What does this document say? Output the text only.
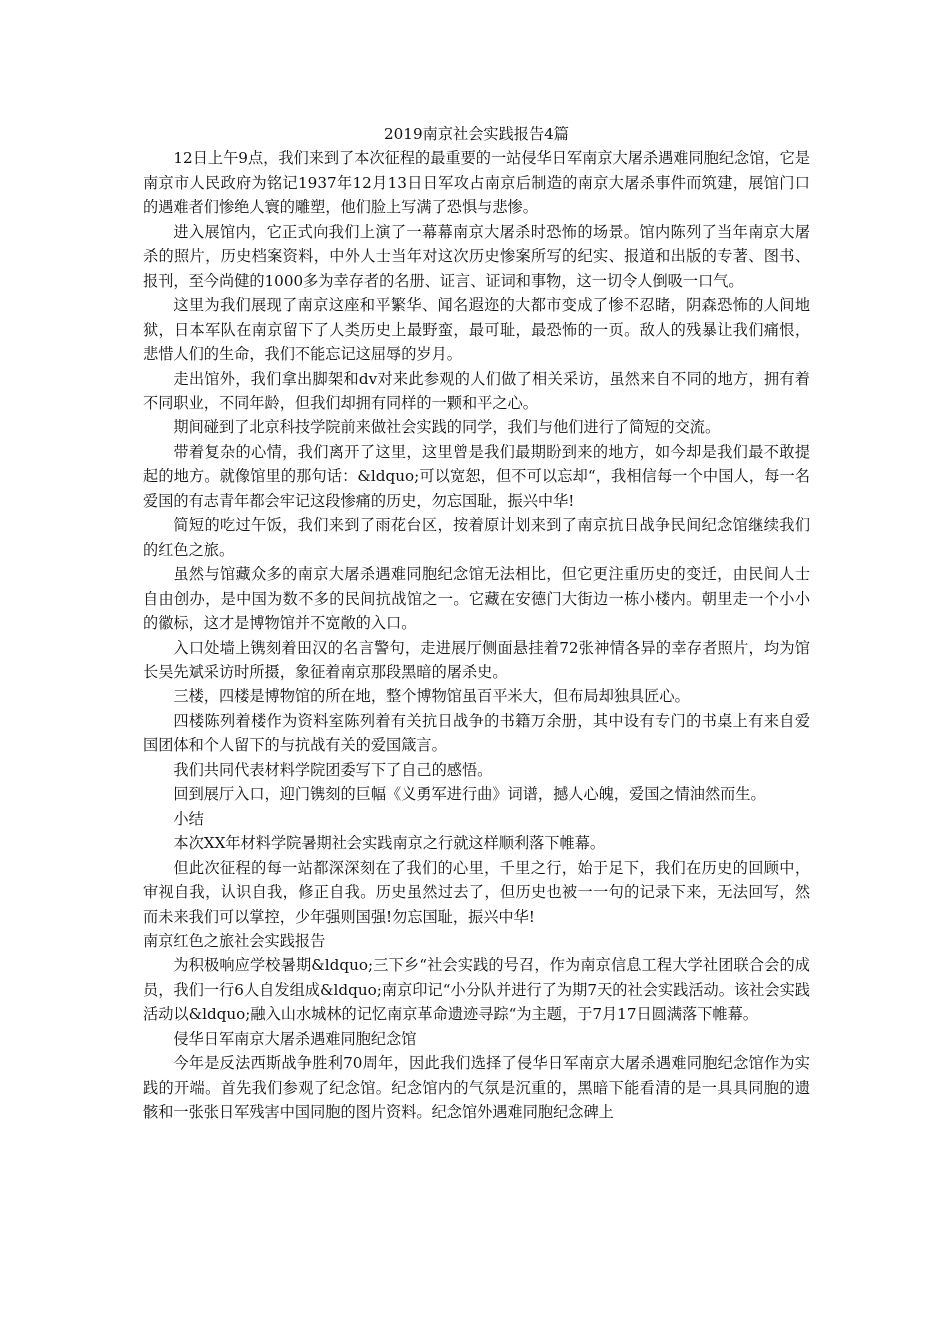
2019南京社会实践报告4篇

12日上午9点，我们来到了本次征程的最重要的一站侵华日军南京大屠杀遇难同胞纪念馆，它是南京市人民政府为铭记1937年12月13日日军攻占南京后制造的南京大屠杀事件而筑建，展馆门口的遇难者们惨绝人寰的雕塑，他们脸上写满了恐惧与悲惨。

进入展馆内，它正式向我们上演了一幕幕南京大屠杀时恐怖的场景。馆内陈列了当年南京大屠杀的照片，历史档案资料，中外人士当年对这次历史惨案所写的纪实、报道和出版的专著、图书、报刊，至今尚健的1000多为幸存者的名册、证言、证词和事物，这一切令人倒吸一口气。

这里为我们展现了南京这座和平繁华、闻名遐迩的大都市变成了惨不忍睹，阴森恐怖的人间地狱，日本军队在南京留下了人类历史上最野蛮，最可耻，最恐怖的一页。敌人的残暴让我们痛恨，悲惜人们的生命，我们不能忘记这屈辱的岁月。

走出馆外，我们拿出脚架和dv对来此参观的人们做了相关采访，虽然来自不同的地方，拥有着不同职业，不同年龄，但我们却拥有同样的一颗和平之心。

期间碰到了北京科技学院前来做社会实践的同学，我们与他们进行了简短的交流。

带着复杂的心情，我们离开了这里，这里曾是我们最期盼到来的地方，如今却是我们最不敢提起的地方。就像馆里的那句话：&ldquo;可以宽恕，但不可以忘却“，我相信每一个中国人，每一名爱国的有志青年都会牢记这段惨痛的历史，勿忘国耻，振兴中华!

简短的吃过午饭，我们来到了雨花台区，按着原计划来到了南京抗日战争民间纪念馆继续我们的红色之旅。

虽然与馆藏众多的南京大屠杀遇难同胞纪念馆无法相比，但它更注重历史的变迁，由民间人士自由创办，是中国为数不多的民间抗战馆之一。它藏在安德门大街边一栋小楼内。朝里走一个小小的徽标，这才是博物馆并不宽敞的入口。

入口处墙上镌刻着田汉的名言警句，走进展厅侧面悬挂着72张神情各异的幸存者照片，均为馆长吴先斌采访时所摄，象征着南京那段黑暗的屠杀史。

三楼，四楼是博物馆的所在地，整个博物馆虽百平米大，但布局却独具匠心。

四楼陈列着楼作为资料室陈列着有关抗日战争的书籍万余册，其中设有专门的书桌上有来自爱国团体和个人留下的与抗战有关的爱国箴言。

我们共同代表材料学院团委写下了自己的感悟。

回到展厅入口，迎门镌刻的巨幅《义勇军进行曲》词谱，撼人心魄，爱国之情油然而生。

小结

本次XX年材料学院暑期社会实践南京之行就这样顺利落下帷幕。

但此次征程的每一站都深深刻在了我们的心里，千里之行，始于足下，我们在历史的回顾中，审视自我，认识自我，修正自我。历史虽然过去了，但历史也被一一句的记录下来，无法回写，然而未来我们可以掌控，少年强则国强!勿忘国耻，振兴中华!

南京红色之旅社会实践报告

为积极响应学校暑期&ldquo;三下乡“社会实践的号召，作为南京信息工程大学社团联合会的成员，我们一行6人自发组成&ldquo;南京印记“小分队并进行了为期7天的社会实践活动。该社会实践活动以&ldquo;融入山水城林的记忆南京革命遗迹寻踪“为主题，于7月17日圆满落下帷幕。

侵华日军南京大屠杀遇难同胞纪念馆

今年是反法西斯战争胜利70周年，因此我们选择了侵华日军南京大屠杀遇难同胞纪念馆作为实践的开端。首先我们参观了纪念馆。纪念馆内的气氛是沉重的，黑暗下能看清的是一具具同胞的遗骸和一张张日军残害中国同胞的图片资料。纪念馆外遇难同胞纪念碑上
